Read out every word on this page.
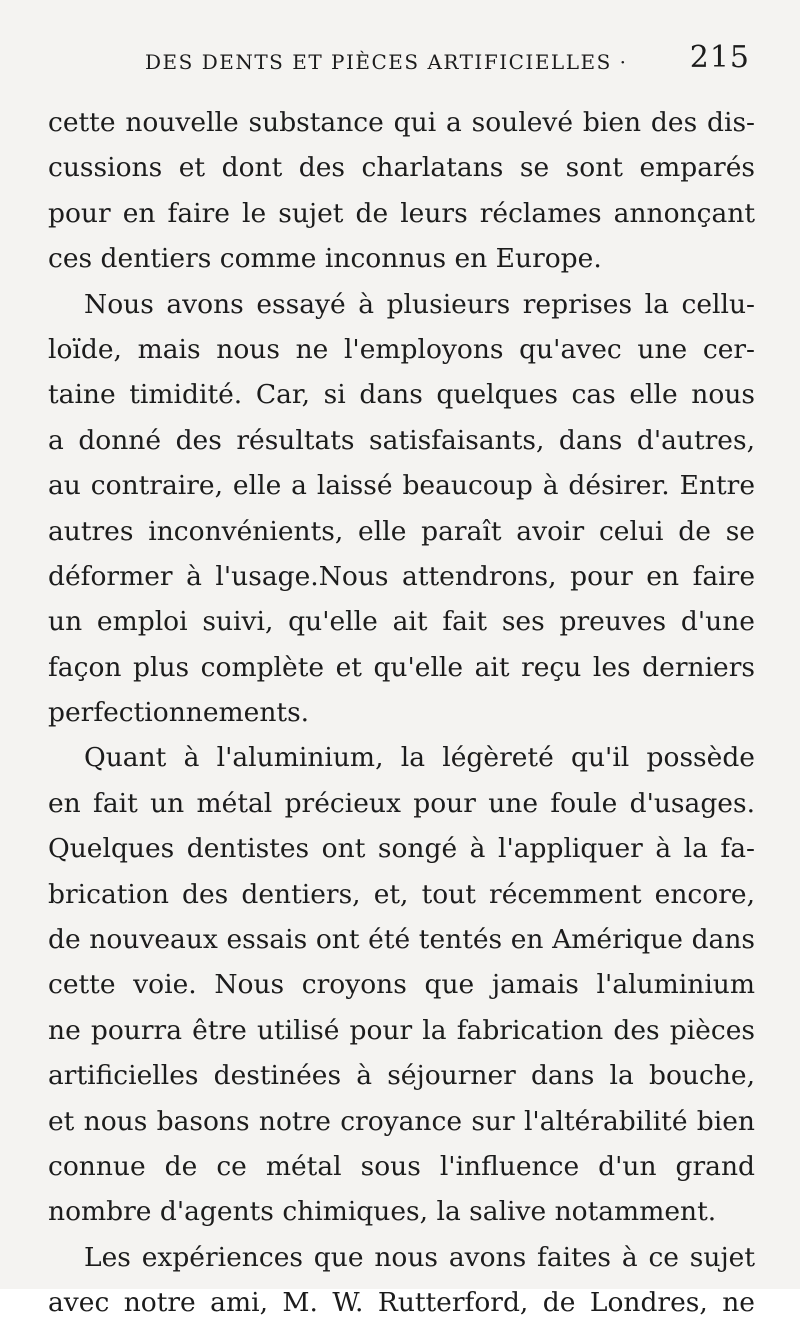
DES DENTS ET PIÈCES ARTIFICIELLES · 215
cette nouvelle substance qui a soulevé bien des dis-
cussions et dont des charlatans se sont emparés
pour en faire le sujet de leurs réclames annonçant
ces dentiers comme inconnus en Europe.
Nous avons essayé à plusieurs reprises la cellu-
loïde, mais nous ne l'employons qu'avec une cer-
taine timidité. Car, si dans quelques cas elle nous
a donné des résultats satisfaisants, dans d'autres,
au contraire, elle a laissé beaucoup à désirer. Entre
autres inconvénients, elle paraît avoir celui de se
déformer à l'usage.Nous attendrons, pour en faire
un emploi suivi, qu'elle ait fait ses preuves d'une
façon plus complète et qu'elle ait reçu les derniers
perfectionnements.
Quant à l'aluminium, la légèreté qu'il possède
en fait un métal précieux pour une foule d'usages.
Quelques dentistes ont songé à l'appliquer à la fa-
brication des dentiers, et, tout récemment encore,
de nouveaux essais ont été tentés en Amérique dans
cette voie. Nous croyons que jamais l'aluminium
ne pourra être utilisé pour la fabrication des pièces
artificielles destinées à séjourner dans la bouche,
et nous basons notre croyance sur l'altérabilité bien
connue de ce métal sous l'influence d'un grand
nombre d'agents chimiques, la salive notamment.
Les expériences que nous avons faites à ce sujet
avec notre ami, M. W. Rutterford, de Londres, ne
